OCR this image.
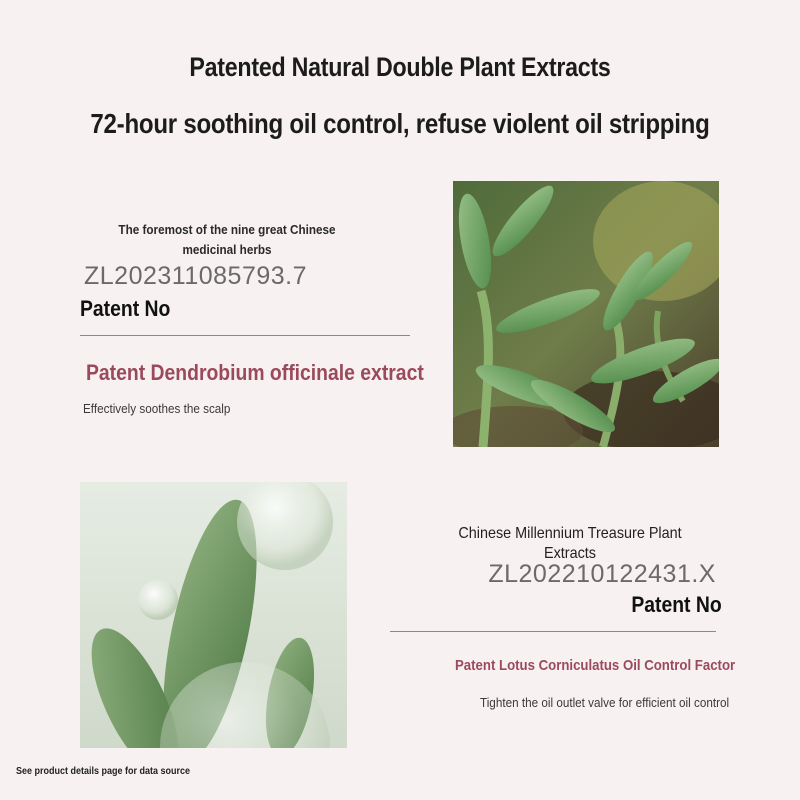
Patented Natural Double Plant Extracts
72-hour soothing oil control, refuse violent oil stripping
The foremost of the nine great Chinese medicinal herbs
ZL202311085793.7
Patent No
Patent Dendrobium officinale extract
Effectively soothes the scalp
Chinese Millennium Treasure Plant Extracts
ZL202210122431.X
Patent No
Patent Lotus Corniculatus Oil Control Factor
Tighten the oil outlet valve for efficient oil control
See product details page for data source
